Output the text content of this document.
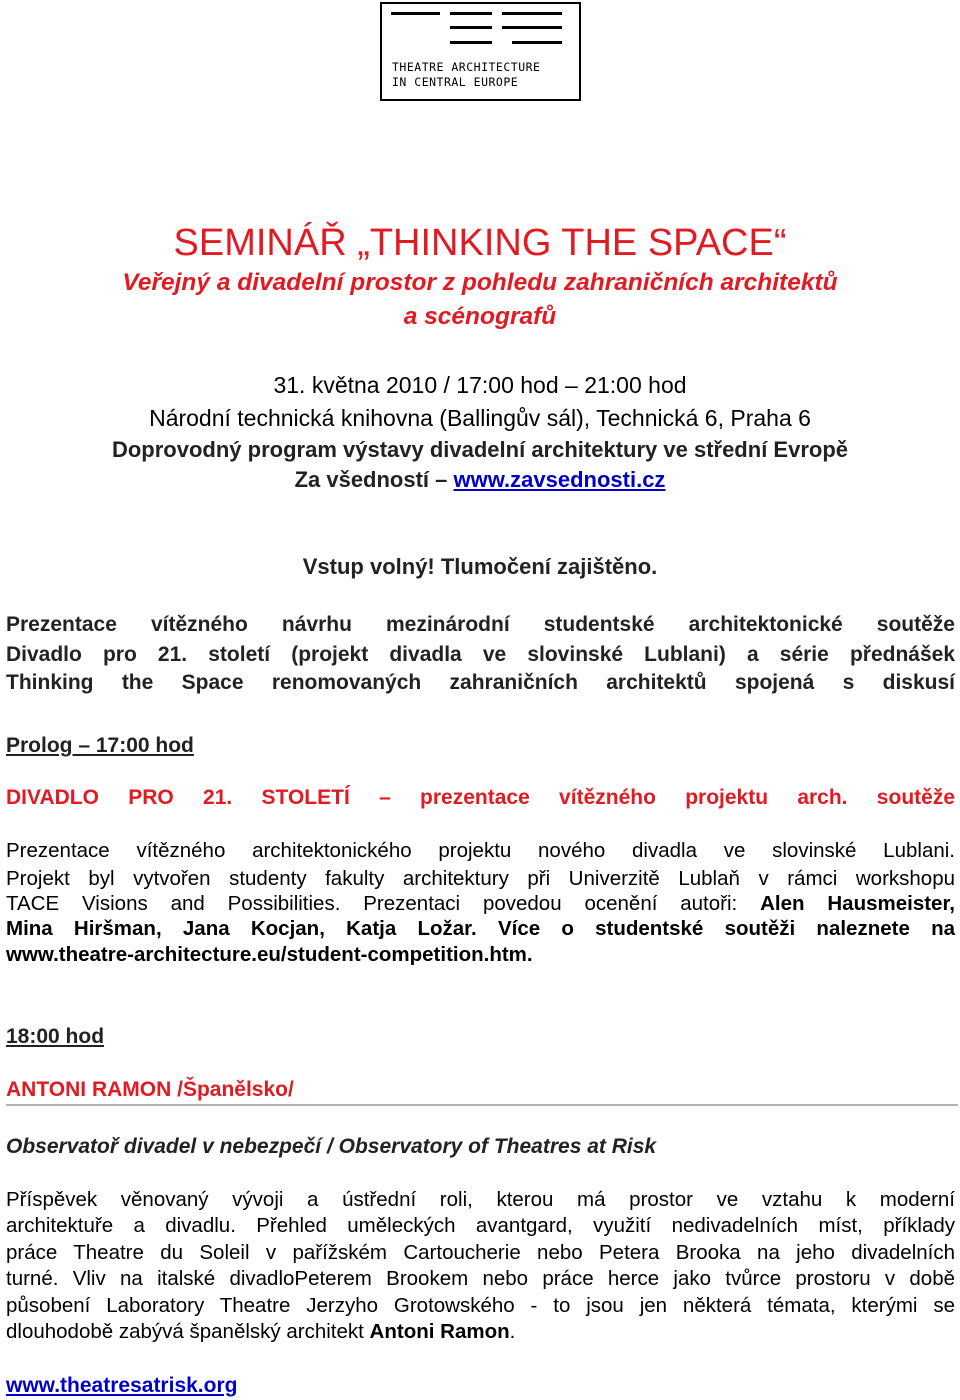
THEATRE ARCHITECTURE
IN CENTRAL EUROPE
SEMINÁŘ „THINKING THE SPACE“
Veřejný a divadelní prostor z pohledu zahraničních architektů
a scénografů
31. května 2010 / 17:00 hod – 21:00 hod
Národní technická knihovna (Ballingův sál), Technická 6, Praha 6
Doprovodný program výstavy divadelní architektury ve střední Evropě
Za všedností – www.zavsednosti.cz
Vstup volný! Tlumočení zajištěno.
Prezentace vítězného návrhu mezinárodní studentské architektonické soutěže
Divadlo pro 21. století (projekt divadla ve slovinské Lublani) a série přednášek
Thinking the Space renomovaných zahraničních architektů spojená s diskusí
Prolog – 17:00 hod
DIVADLO PRO 21. STOLETÍ – prezentace vítězného projektu arch. soutěže
Prezentace vítězného architektonického projektu nového divadla ve slovinské Lublani.
Projekt byl vytvořen studenty fakulty architektury při Univerzitě Lublaň v rámci workshopu
TACE Visions and Possibilities. Prezentaci povedou ocenění autoři: Alen Hausmeister,
Mina Hiršman, Jana Kocjan, Katja Ložar. Více o studentské soutěži naleznete na
www.theatre-architecture.eu/student-competition.htm.
18:00 hod
ANTONI RAMON /Španělsko/
Observatoř divadel v nebezpečí / Observatory of Theatres at Risk
Příspěvek věnovaný vývoji a ústřední roli, kterou má prostor ve vztahu k moderní
architektuře a divadlu. Přehled uměleckých avantgard, využití nedivadelních míst, příklady
práce Theatre du Soleil v pařížském Cartoucherie nebo Petera Brooka na jeho divadelních
turné. Vliv na italské divadloPeterem Brookem nebo práce herce jako tvůrce prostoru v době
působení Laboratory Theatre Jerzyho Grotowského - to jsou jen některá témata, kterými se
dlouhodobě zabývá španělský architekt Antoni Ramon.
www.theatresatrisk.org
